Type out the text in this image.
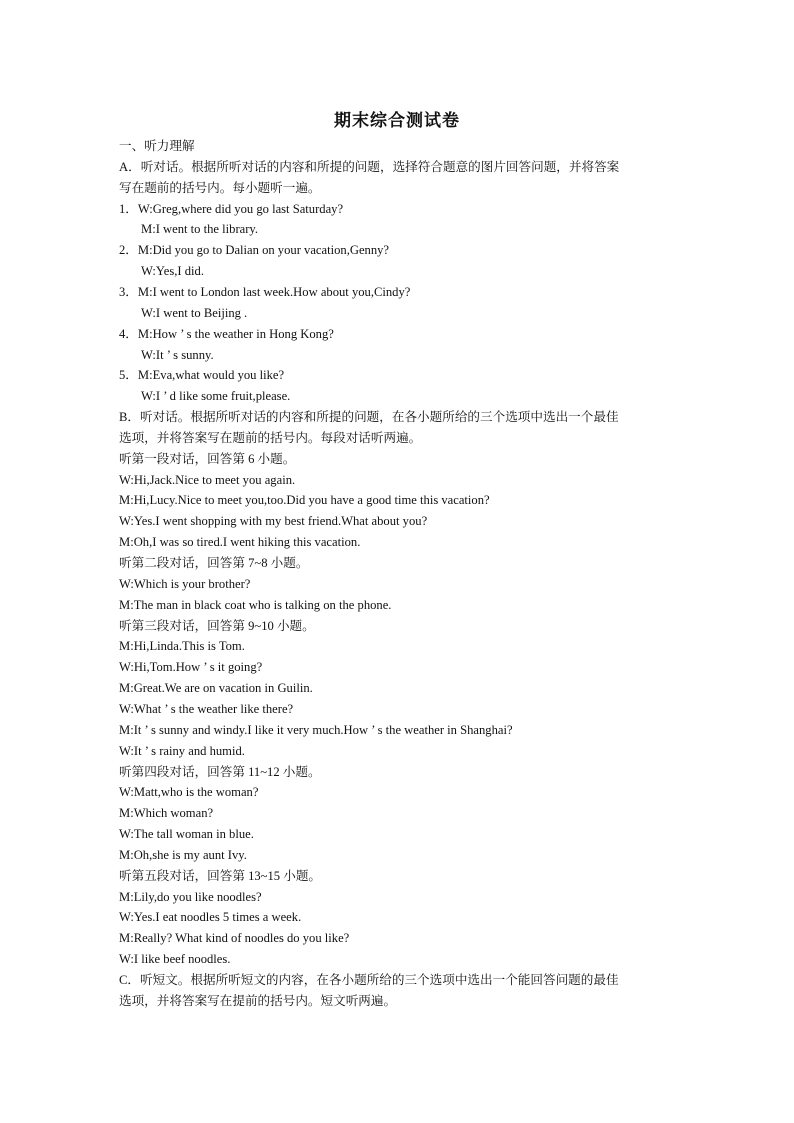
期末综合测试卷
一、听力理解
A．听对话。根据所听对话的内容和所提的问题，选择符合题意的图片回答问题，并将答案
写在题前的括号内。每小题听一遍。
1．W:Greg,where did you go last Saturday?
M:I went to the library.
2．M:Did you go to Dalian on your vacation,Genny?
W:Yes,I did.
3．M:I went to London last week.How about you,Cindy?
W:I went to Beijing .
4．M:How ’ s the weather in Hong Kong?
W:It ’ s sunny.
5．M:Eva,what would you like?
W:I ’ d like some fruit,please.
B．听对话。根据所听对话的内容和所提的问题，在各小题所给的三个选项中选出一个最佳
选项，并将答案写在题前的括号内。每段对话听两遍。
听第一段对话，回答第 6 小题。
W:Hi,Jack.Nice to meet you again.
M:Hi,Lucy.Nice to meet you,too.Did you have a good time this vacation?
W:Yes.I went shopping with my best friend.What about you?
M:Oh,I was so tired.I went hiking this vacation.
听第二段对话，回答第 7~8 小题。
W:Which is your brother?
M:The man in black coat who is talking on the phone.
听第三段对话，回答第 9~10 小题。
M:Hi,Linda.This is Tom.
W:Hi,Tom.How ’ s it going?
M:Great.We are on vacation in Guilin.
W:What ’ s the weather like there?
M:It ’ s sunny and windy.I like it very much.How ’ s the weather in Shanghai?
W:It ’ s rainy and humid.
听第四段对话，回答第 11~12 小题。
W:Matt,who is the woman?
M:Which woman?
W:The tall woman in blue.
M:Oh,she is my aunt Ivy.
听第五段对话，回答第 13~15 小题。
M:Lily,do you like noodles?
W:Yes.I eat noodles 5 times a week.
M:Really? What kind of noodles do you like?
W:I like beef noodles.
C．听短文。根据所听短文的内容，在各小题所给的三个选项中选出一个能回答问题的最佳
选项，并将答案写在提前的括号内。短文听两遍。
